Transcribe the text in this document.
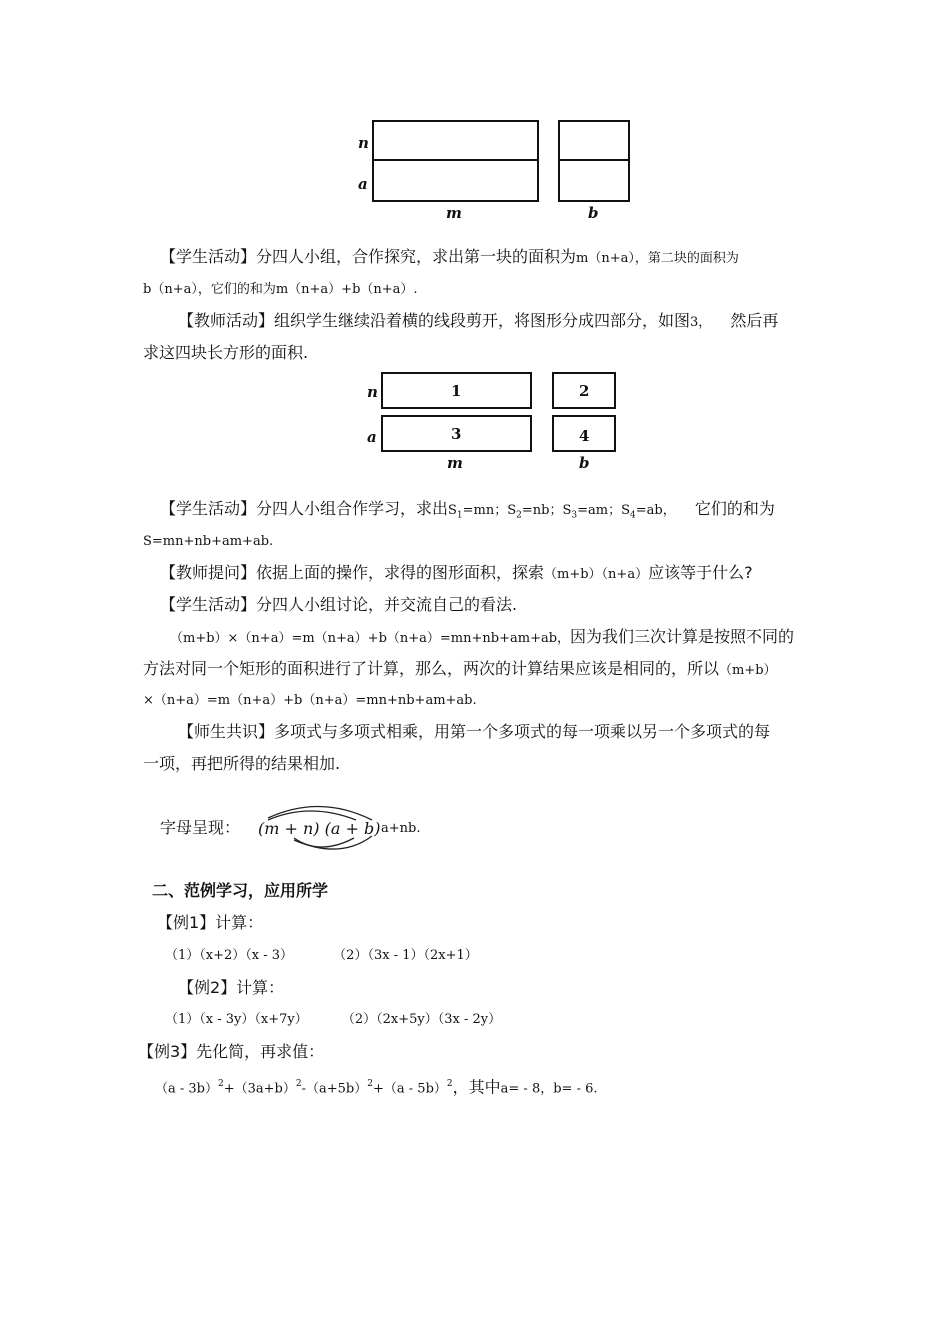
n
a
m	b
【学生活动】分四人小组，合作探究，求出第一块的面积为m（n+a），第二块的面积为
b（n+a），它们的和为m（n+a）+b（n+a）.
【教师活动】组织学生继续沿着横的线段剪开，将图形分成四部分，如图3， 然后再
求这四块长方形的面积.
1	2
3	4
n
a
m	b
【学生活动】分四人小组合作学习，求出$S_1=mn$；$S_2=nb$；$S_3=am$；$S_4=ab$， 它们的和为
S=mn+nb+am+ab.
【教师提问】依据上面的操作，求得的图形面积，探索（m+b）（n+a）应该等于什么?
【学生活动】分四人小组讨论，并交流自己的看法.
（m+b）×（n+a）=m（n+a）+b（n+a）=mn+nb+am+ab，因为我们三次计算是按照不同的
方法对同一个矩形的面积进行了计算，那么，两次的计算结果应该是相同的，所以（m+b）
×（n+a）=m（n+a）+b（n+a）=mn+nb+am+ab.
【师生共识】多项式与多项式相乘，用第一个多项式的每一项乘以另一个多项式的每
一项，再把所得的结果相加.
字母呈现： (m + n) (a + b) a+nb.
二、范例学习，应用所学
【例1】计算：
（1）（x+2）（x - 3）	（2）（3x - 1）（2x+1）
【例2】计算：
（1）（x - 3y）（x+7y）	（2）（2x+5y）（3x - 2y）
【例3】先化简，再求值：
$(a - 3b)^2+(3a+b)^2-(a+5b)^2+(a - 5b)^2$，其中a= - 8，b= - 6.
